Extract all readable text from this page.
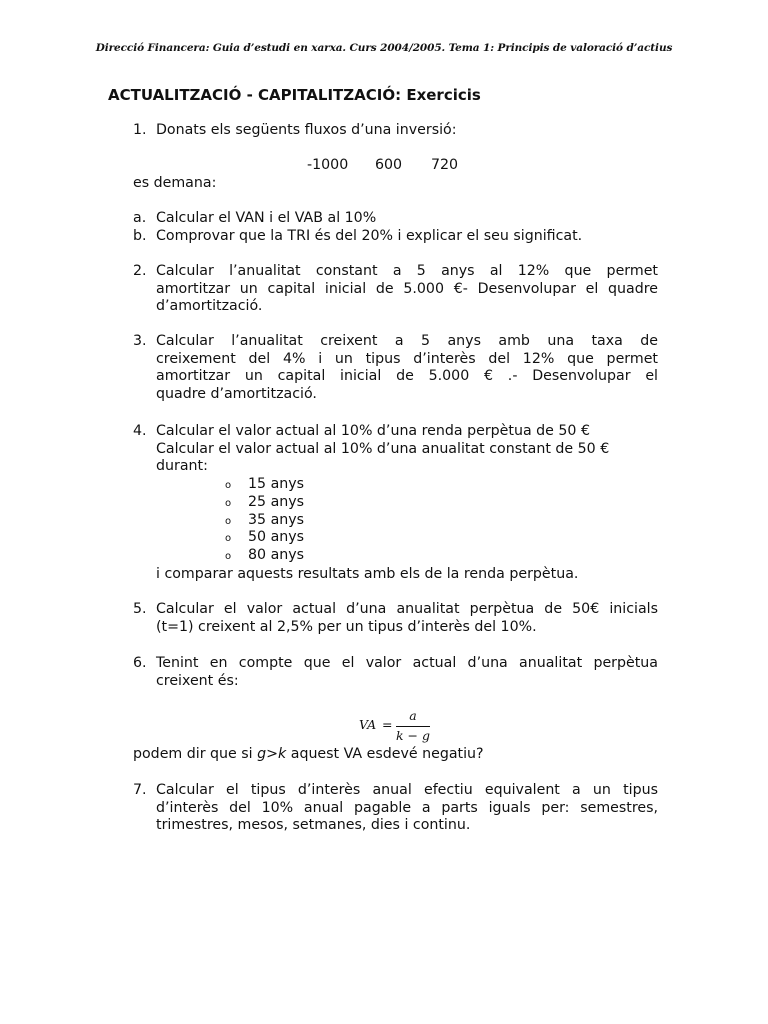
Direcció Financera: Guia d’estudi en xarxa. Curs 2004/2005. Tema 1: Principis de valoració d’actius
ACTUALITZACIÓ - CAPITALITZACIÓ: Exercicis
1. Donats els següents fluxos d’una inversió:
-1000 600 720
es demana:
a. Calcular el VAN i el VAB al 10%
b. Comprovar que la TRI és del 20% i explicar el seu significat.
2. Calcular l’anualitat constant a 5 anys al 12% que permet
amortitzar un capital inicial de 5.000 €- Desenvolupar el quadre
d’amortització.
3. Calcular l’anualitat creixent a 5 anys amb una taxa de
creixement del 4% i un tipus d’interès del 12% que permet
amortitzar un capital inicial de 5.000 € .- Desenvolupar el
quadre d’amortització.
4. Calcular el valor actual al 10% d’una renda perpètua de 50 €
Calcular el valor actual al 10% d’una anualitat constant de 50 €
durant:
o 15 anys
o 25 anys
o 35 anys
o 50 anys
o 80 anys
i comparar aquests resultats amb els de la renda perpètua.
5. Calcular el valor actual d’una anualitat perpètua de 50€ inicials
(t=1) creixent al 2,5% per un tipus d’interès del 10%.
6. Tenint en compte que el valor actual d’una anualitat perpètua
creixent és:
VA =
a
k − g
podem dir que si g>k aquest VA esdevé negatiu?
7. Calcular el tipus d’interès anual efectiu equivalent a un tipus
d’interès del 10% anual pagable a parts iguals per: semestres,
trimestres, mesos, setmanes, dies i continu.
